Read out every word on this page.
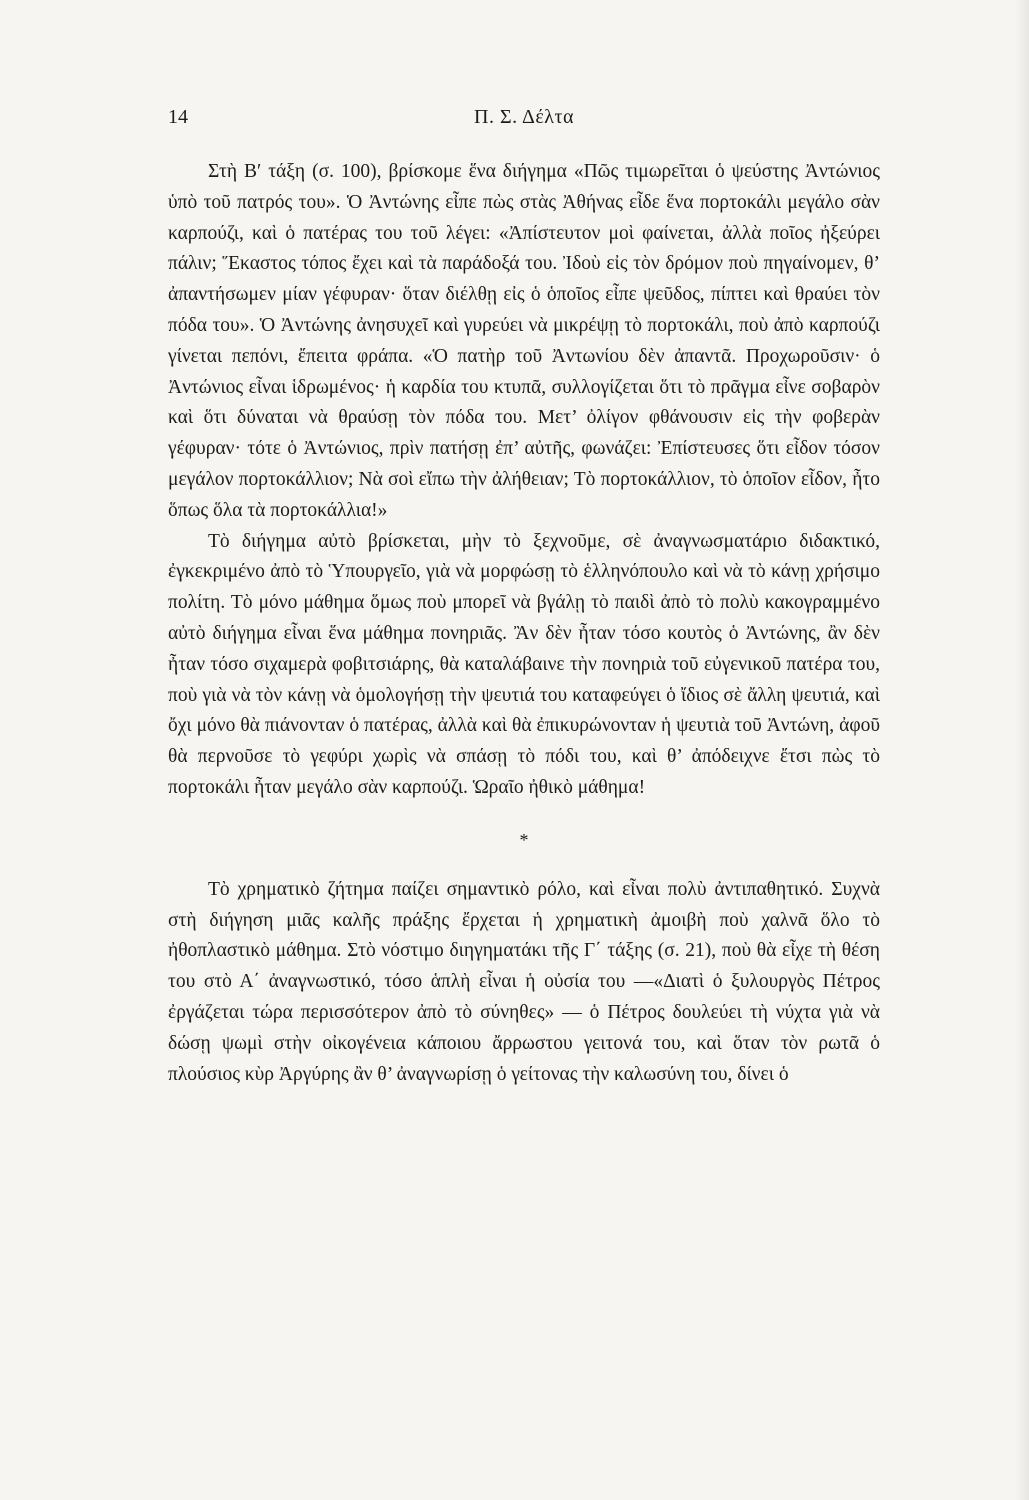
14	Π. Σ. Δέλτα

Στὴ Β′ τάξη (σ. 100), βρίσκομε ἕνα διήγημα «Πῶς τιμωρεῖται ὁ ψεύστης Ἀντώνιος ὑπὸ τοῦ πατρός του». Ὁ Ἀντώνης εἶπε πὼς στὰς Ἀθήνας εἶδε ἕνα πορτοκάλι μεγάλο σὰν καρπούζι, καὶ ὁ πατέρας του τοῦ λέγει: «Ἀπίστευτον μοὶ φαίνεται, ἀλλὰ ποῖος ἠξεύρει πάλιν; Ἕκαστος τόπος ἔχει καὶ τὰ παράδοξά του. Ἰδοὺ εἰς τὸν δρόμον ποὺ πηγαίνομεν, θ’ ἀπαντήσωμεν μίαν γέφυραν· ὅταν διέλθῃ εἰς ὁ ὁποῖος εἶπε ψεῦδος, πίπτει καὶ θραύει τὸν πόδα του». Ὁ Ἀντώνης ἀνησυχεῖ καὶ γυρεύει νὰ μικρέψῃ τὸ πορτοκάλι, ποὺ ἀπὸ καρπούζι γίνεται πεπόνι, ἔπειτα φράπα. «Ὁ πατὴρ τοῦ Ἀντωνίου δὲν ἀπαντᾶ. Προχωροῦσιν· ὁ Ἀντώνιος εἶναι ἱδρωμένος· ἡ καρδία του κτυπᾶ, συλλογίζεται ὅτι τὸ πρᾶγμα εἶνε σοβαρὸν καὶ ὅτι δύναται νὰ θραύσῃ τὸν πόδα του. Μετ’ ὀλίγον φθάνουσιν εἰς τὴν φοβερὰν γέφυραν· τότε ὁ Ἀντώνιος, πρὶν πατήσῃ ἐπ’ αὐτῆς, φωνάζει: Ἐπίστευσες ὅτι εἶδον τόσον μεγάλον πορτοκάλλιον; Νὰ σοὶ εἴπω τὴν ἀλήθειαν; Τὸ πορτοκάλλιον, τὸ ὁποῖον εἶδον, ἦτο ὅπως ὅλα τὰ πορτοκάλλια!»

Τὸ διήγημα αὐτὸ βρίσκεται, μὴν τὸ ξεχνοῦμε, σὲ ἀναγνωσματάριο διδακτικό, ἐγκεκριμένο ἀπὸ τὸ Ὑπουργεῖο, γιὰ νὰ μορφώσῃ τὸ ἑλληνόπουλο καὶ νὰ τὸ κάνῃ χρήσιμο πολίτη. Τὸ μόνο μάθημα ὅμως ποὺ μπορεῖ νὰ βγάλῃ τὸ παιδὶ ἀπὸ τὸ πολὺ κακογραμμένο αὐτὸ διήγημα εἶναι ἕνα μάθημα πονηριᾶς. Ἂν δὲν ἦταν τόσο κουτὸς ὁ Ἀντώνης, ἂν δὲν ἦταν τόσο σιχαμερὰ φοβιτσιάρης, θὰ καταλάβαινε τὴν πονηριὰ τοῦ εὐγενικοῦ πατέρα του, ποὺ γιὰ νὰ τὸν κάνῃ νὰ ὁμολογήσῃ τὴν ψευτιά του καταφεύγει ὁ ἴδιος σὲ ἄλλη ψευτιά, καὶ ὄχι μόνο θὰ πιάνονταν ὁ πατέρας, ἀλλὰ καὶ θὰ ἐπικυρώνονταν ἡ ψευτιὰ τοῦ Ἀντώνη, ἀφοῦ θὰ περνοῦσε τὸ γεφύρι χωρὶς νὰ σπάσῃ τὸ πόδι του, καὶ θ’ ἀπόδειχνε ἔτσι πὼς τὸ πορτοκάλι ἦταν μεγάλο σὰν καρπούζι. Ὡραῖο ἠθικὸ μάθημα!

*

Τὸ χρηματικὸ ζήτημα παίζει σημαντικὸ ρόλο, καὶ εἶναι πολὺ ἀντιπαθητικό. Συχνὰ στὴ διήγηση μιᾶς καλῆς πράξης ἔρχεται ἡ χρηματικὴ ἀμοιβὴ ποὺ χαλνᾶ ὅλο τὸ ἠθοπλαστικὸ μάθημα. Στὸ νόστιμο διηγηματάκι τῆς Γ΄ τάξης (σ. 21), ποὺ θὰ εἶχε τὴ θέση του στὸ Α΄ ἀναγνωστικό, τόσο ἁπλὴ εἶναι ἡ οὐσία του —«Διατὶ ὁ ξυλουργὸς Πέτρος ἐργάζεται τώρα περισσότερον ἀπὸ τὸ σύνηθες» — ὁ Πέτρος δουλεύει τὴ νύχτα γιὰ νὰ δώσῃ ψωμὶ στὴν οἰκογένεια κάποιου ἄρρωστου γειτονά του, καὶ ὅταν τὸν ρωτᾶ ὁ πλούσιος κὺρ Ἀργύρης ἂν θ’ ἀναγνωρίσῃ ὁ γείτονας τὴν καλωσύνη του, δίνει ὁ
